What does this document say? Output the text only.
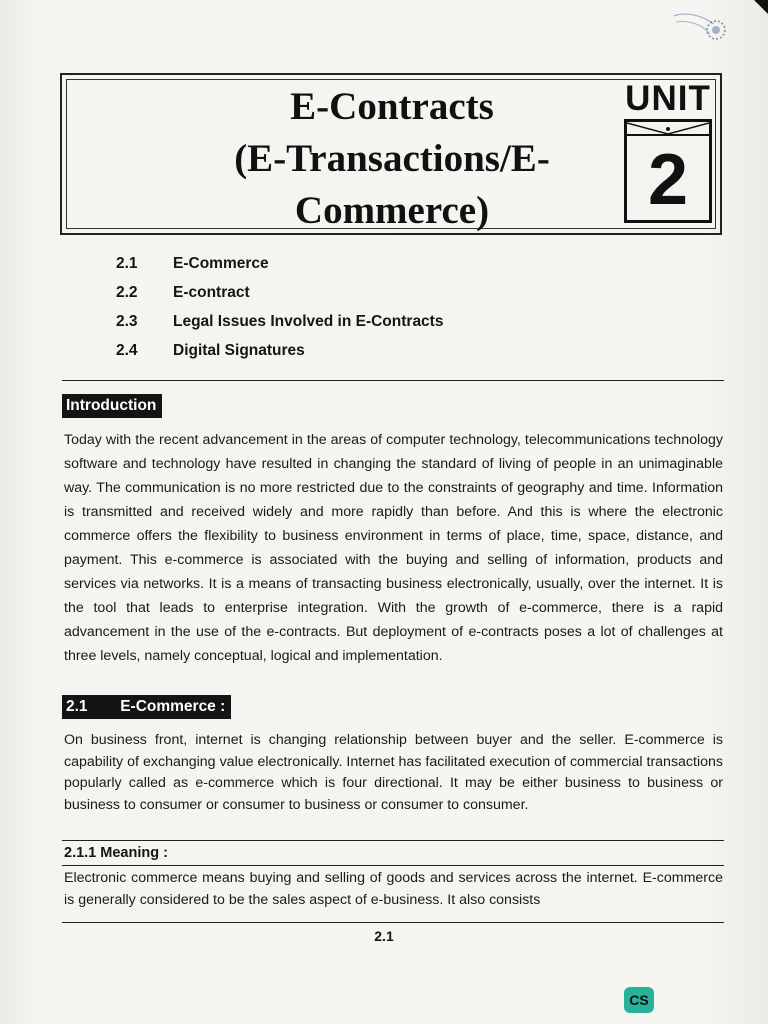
E-Contracts
(E-Transactions/E-
Commerce)
UNIT
2
2.1	E-Commerce
2.2	E-contract
2.3	Legal Issues Involved in E-Contracts
2.4	Digital Signatures
Introduction

Today with the recent advancement in the areas of computer technology, telecommunications technology software and technology have resulted in changing the standard of living of people in an unimaginable way. The communication is no more restricted due to the constraints of geography and time. Information is transmitted and received widely and more rapidly than before. And this is where the electronic commerce offers the flexibility to business environment in terms of place, time, space, distance, and payment. This e-commerce is associated with the buying and selling of information, products and services via networks. It is a means of transacting business electronically, usually, over the internet. It is the tool that leads to enterprise integration. With the growth of e-commerce, there is a rapid advancement in the use of the e-contracts. But deployment of e-contracts poses a lot of challenges at three levels, namely conceptual, logical and implementation.

2.1 E-Commerce :

On business front, internet is changing relationship between buyer and the seller. E-commerce is capability of exchanging value electronically. Internet has facilitated execution of commercial transactions popularly called as e-commerce which is four directional. It may be either business to business or business to consumer or consumer to business or consumer to consumer.

2.1.1 Meaning :

Electronic commerce means buying and selling of goods and services across the internet. E-commerce is generally considered to be the sales aspect of e-business. It also consists

2.1
CS
